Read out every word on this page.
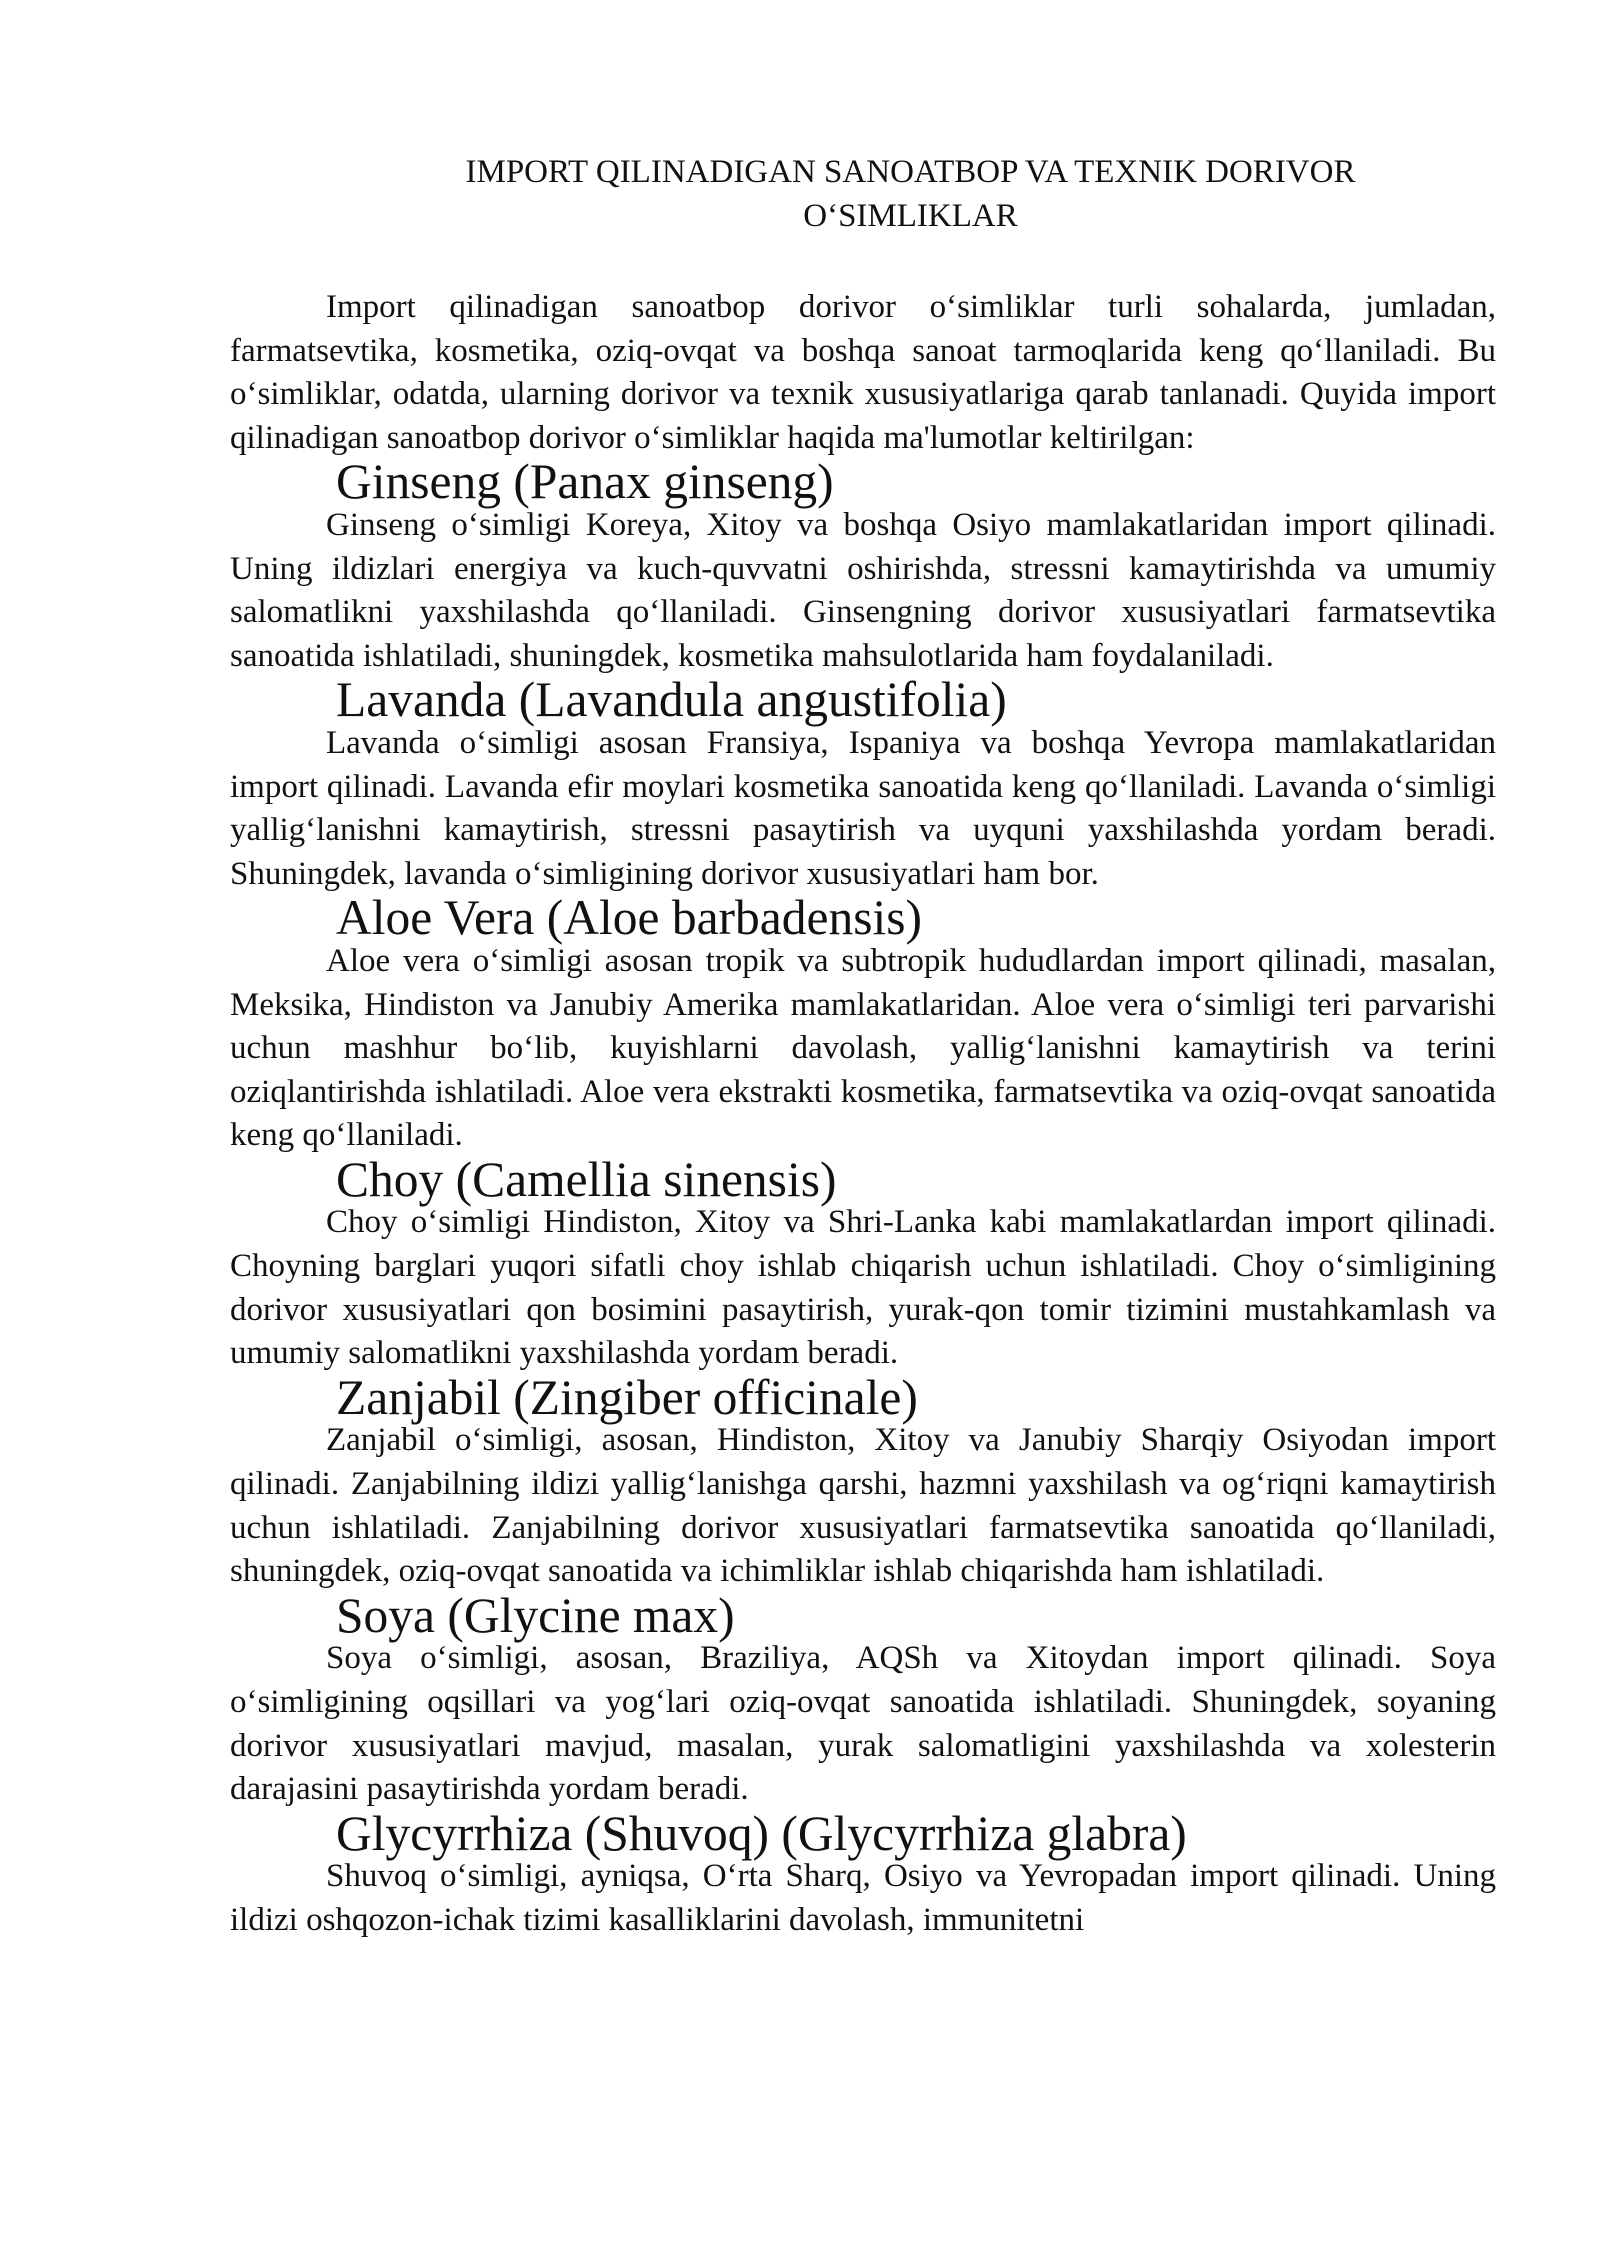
IMPORT QILINADIGAN SANOATBOP VA TEXNIK DORIVOR
O‘SIMLIKLAR

Import qilinadigan sanoatbop dorivor o‘simliklar turli sohalarda, jumladan, farmatsevtika, kosmetika, oziq-ovqat va boshqa sanoat tarmoqlarida keng qo‘llaniladi. Bu o‘simliklar, odatda, ularning dorivor va texnik xususiyatlariga qarab tanlanadi. Quyida import qilinadigan sanoatbop dorivor o‘simliklar haqida ma'lumotlar keltirilgan:

Ginseng (Panax ginseng)

Ginseng o‘simligi Koreya, Xitoy va boshqa Osiyo mamlakatlaridan import qilinadi. Uning ildizlari energiya va kuch-quvvatni oshirishda, stressni kamaytirishda va umumiy salomatlikni yaxshilashda qo‘llaniladi. Ginsengning dorivor xususiyatlari farmatsevtika sanoatida ishlatiladi, shuningdek, kosmetika mahsulotlarida ham foydalaniladi.

Lavanda (Lavandula angustifolia)

Lavanda o‘simligi asosan Fransiya, Ispaniya va boshqa Yevropa mamlakatlaridan import qilinadi. Lavanda efir moylari kosmetika sanoatida keng qo‘llaniladi. Lavanda o‘simligi yallig‘lanishni kamaytirish, stressni pasaytirish va uyquni yaxshilashda yordam beradi. Shuningdek, lavanda o‘simligining dorivor xususiyatlari ham bor.

Aloe Vera (Aloe barbadensis)

Aloe vera o‘simligi asosan tropik va subtropik hududlardan import qilinadi, masalan, Meksika, Hindiston va Janubiy Amerika mamlakatlaridan. Aloe vera o‘simligi teri parvarishi uchun mashhur bo‘lib, kuyishlarni davolash, yallig‘lanishni kamaytirish va terini oziqlantirishda ishlatiladi. Aloe vera ekstrakti kosmetika, farmatsevtika va oziq-ovqat sanoatida keng qo‘llaniladi.

Choy (Camellia sinensis)

Choy o‘simligi Hindiston, Xitoy va Shri-Lanka kabi mamlakatlardan import qilinadi. Choyning barglari yuqori sifatli choy ishlab chiqarish uchun ishlatiladi. Choy o‘simligining dorivor xususiyatlari qon bosimini pasaytirish, yurak-qon tomir tizimini mustahkamlash va umumiy salomatlikni yaxshilashda yordam beradi.

Zanjabil (Zingiber officinale)

Zanjabil o‘simligi, asosan, Hindiston, Xitoy va Janubiy Sharqiy Osiyodan import qilinadi. Zanjabilning ildizi yallig‘lanishga qarshi, hazmni yaxshilash va og‘riqni kamaytirish uchun ishlatiladi. Zanjabilning dorivor xususiyatlari farmatsevtika sanoatida qo‘llaniladi, shuningdek, oziq-ovqat sanoatida va ichimliklar ishlab chiqarishda ham ishlatiladi.

Soya (Glycine max)

Soya o‘simligi, asosan, Braziliya, AQSh va Xitoydan import qilinadi. Soya o‘simligining oqsillari va yog‘lari oziq-ovqat sanoatida ishlatiladi. Shuningdek, soyaning dorivor xususiyatlari mavjud, masalan, yurak salomatligini yaxshilashda va xolesterin darajasini pasaytirishda yordam beradi.

Glycyrrhiza (Shuvoq) (Glycyrrhiza glabra)

Shuvoq o‘simligi, ayniqsa, O‘rta Sharq, Osiyo va Yevropadan import qilinadi. Uning ildizi oshqozon-ichak tizimi kasalliklarini davolash, immunitetni
